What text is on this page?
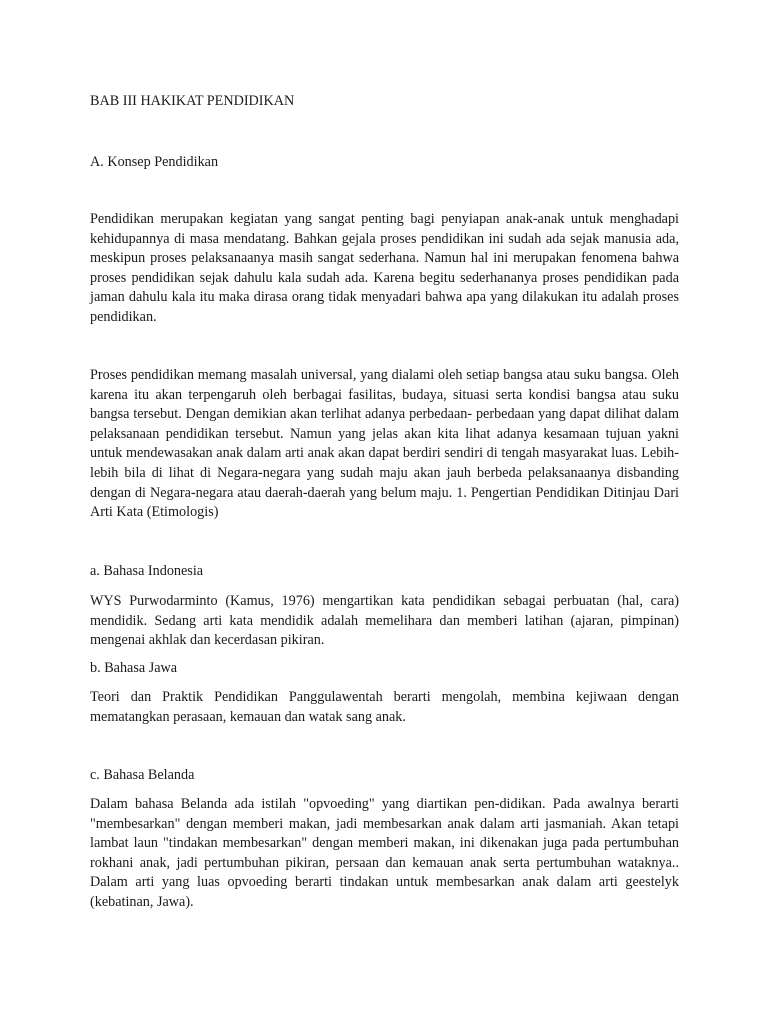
BAB III HAKIKAT PENDIDIKAN

A. Konsep Pendidikan

Pendidikan merupakan kegiatan yang sangat penting bagi penyiapan anak-anak untuk menghadapi kehidupannya di masa mendatang. Bahkan gejala proses pendidikan ini sudah ada sejak manusia ada, meskipun proses pelaksanaanya masih sangat sederhana. Namun hal ini merupakan fenomena bahwa proses pendidikan sejak dahulu kala sudah ada. Karena begitu sederhananya proses pendidikan pada jaman dahulu kala itu maka dirasa orang tidak menyadari bahwa apa yang dilakukan itu adalah proses pendidikan.

Proses pendidikan memang masalah universal, yang dialami oleh setiap bangsa atau suku bangsa. Oleh karena itu akan terpengaruh oleh berbagai fasilitas, budaya, situasi serta kondisi bangsa atau suku bangsa tersebut. Dengan demikian akan terlihat adanya perbedaan- perbedaan yang dapat dilihat dalam pelaksanaan pendidikan tersebut. Namun yang jelas akan kita lihat adanya kesamaan tujuan yakni untuk mendewasakan anak dalam arti anak akan dapat berdiri sendiri di tengah masyarakat luas. Lebih-lebih bila di lihat di Negara-negara yang sudah maju akan jauh berbeda pelaksanaanya disbanding dengan di Negara-negara atau daerah-daerah yang belum maju. 1. Pengertian Pendidikan Ditinjau Dari Arti Kata (Etimologis)

a. Bahasa Indonesia

WYS Purwodarminto (Kamus, 1976) mengartikan kata pendidikan sebagai perbuatan (hal, cara) mendidik. Sedang arti kata mendidik adalah memelihara dan memberi latihan (ajaran, pimpinan) mengenai akhlak dan kecerdasan pikiran.

b. Bahasa Jawa

Teori dan Praktik Pendidikan Panggulawentah berarti mengolah, membina kejiwaan dengan mematangkan perasaan, kemauan dan watak sang anak.

c. Bahasa Belanda

Dalam bahasa Belanda ada istilah "opvoeding" yang diartikan pen-didikan. Pada awalnya berarti "membesarkan" dengan memberi makan, jadi membesarkan anak dalam arti jasmaniah. Akan tetapi lambat laun "tindakan membesarkan" dengan memberi makan, ini dikenakan juga pada pertumbuhan rokhani anak, jadi pertumbuhan pikiran, persaan dan kemauan anak serta pertumbuhan wataknya.. Dalam arti yang luas opvoeding berarti tindakan untuk membesarkan anak dalam arti geestelyk (kebatinan, Jawa).
